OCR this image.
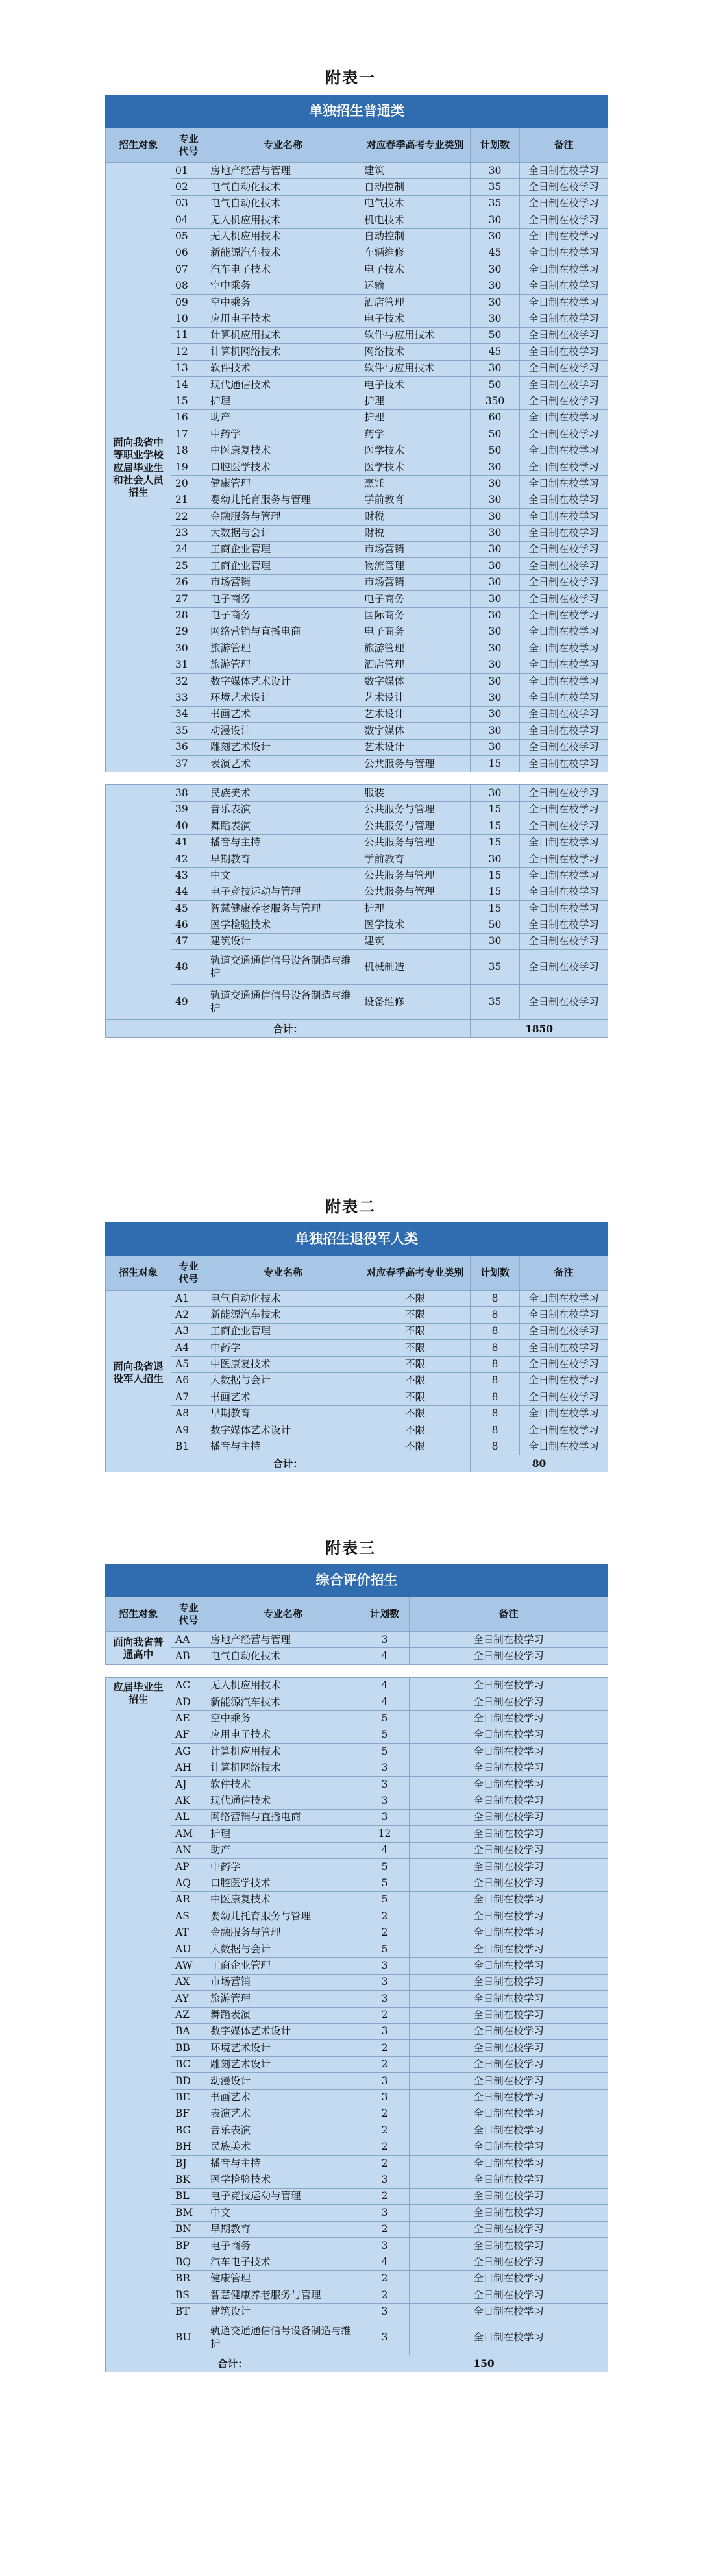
附表一
单独招生普通类					
招生对象	专业代号	专业名称	对应春季高考专业类别	计划数	备注
面向我省中等职业学校应届毕业生和社会人员招生	01	房地产经营与管理	建筑	30	全日制在校学习
	02	电气自动化技术	自动控制	35	全日制在校学习
	03	电气自动化技术	电气技术	35	全日制在校学习
	04	无人机应用技术	机电技术	30	全日制在校学习
	05	无人机应用技术	自动控制	30	全日制在校学习
	06	新能源汽车技术	车辆维修	45	全日制在校学习
	07	汽车电子技术	电子技术	30	全日制在校学习
	08	空中乘务	运输	30	全日制在校学习
	09	空中乘务	酒店管理	30	全日制在校学习
	10	应用电子技术	电子技术	30	全日制在校学习
	11	计算机应用技术	软件与应用技术	50	全日制在校学习
	12	计算机网络技术	网络技术	45	全日制在校学习
	13	软件技术	软件与应用技术	30	全日制在校学习
	14	现代通信技术	电子技术	50	全日制在校学习
	15	护理	护理	350	全日制在校学习
	16	助产	护理	60	全日制在校学习
	17	中药学	药学	50	全日制在校学习
	18	中医康复技术	医学技术	50	全日制在校学习
	19	口腔医学技术	医学技术	30	全日制在校学习
	20	健康管理	烹饪	30	全日制在校学习
	21	婴幼儿托育服务与管理	学前教育	30	全日制在校学习
	22	金融服务与管理	财税	30	全日制在校学习
	23	大数据与会计	财税	30	全日制在校学习
	24	工商企业管理	市场营销	30	全日制在校学习
	25	工商企业管理	物流管理	30	全日制在校学习
	26	市场营销	市场营销	30	全日制在校学习
	27	电子商务	电子商务	30	全日制在校学习
	28	电子商务	国际商务	30	全日制在校学习
	29	网络营销与直播电商	电子商务	30	全日制在校学习
	30	旅游管理	旅游管理	30	全日制在校学习
	31	旅游管理	酒店管理	30	全日制在校学习
	32	数字媒体艺术设计	数字媒体	30	全日制在校学习
	33	环境艺术设计	艺术设计	30	全日制在校学习
	34	书画艺术	艺术设计	30	全日制在校学习
	35	动漫设计	数字媒体	30	全日制在校学习
	36	雕刻艺术设计	艺术设计	30	全日制在校学习
	37	表演艺术	公共服务与管理	15	全日制在校学习

	38	民族美术	服装	30	全日制在校学习
	39	音乐表演	公共服务与管理	15	全日制在校学习
	40	舞蹈表演	公共服务与管理	15	全日制在校学习
	41	播音与主持	公共服务与管理	15	全日制在校学习
	42	早期教育	学前教育	30	全日制在校学习
	43	中文	公共服务与管理	15	全日制在校学习
	44	电子竞技运动与管理	公共服务与管理	15	全日制在校学习
	45	智慧健康养老服务与管理	护理	15	全日制在校学习
	46	医学检验技术	医学技术	50	全日制在校学习
	47	建筑设计	建筑	30	全日制在校学习
	48	轨道交通通信信号设备制造与维护	机械制造	35	全日制在校学习
	49	轨道交通通信信号设备制造与维护	设备维修	35	全日制在校学习
合计：				1850	
附表二
单独招生退役军人类					
招生对象	专业代号	专业名称	对应春季高考专业类别	计划数	备注
面向我省退役军人招生	A1	电气自动化技术	不限	8	全日制在校学习
	A2	新能源汽车技术	不限	8	全日制在校学习
	A3	工商企业管理	不限	8	全日制在校学习
	A4	中药学	不限	8	全日制在校学习
	A5	中医康复技术	不限	8	全日制在校学习
	A6	大数据与会计	不限	8	全日制在校学习
	A7	书画艺术	不限	8	全日制在校学习
	A8	早期教育	不限	8	全日制在校学习
	A9	数字媒体艺术设计	不限	8	全日制在校学习
	B1	播音与主持	不限	8	全日制在校学习
合计：				80	
附表三
综合评价招生				
招生对象	专业代号	专业名称	计划数	备注
面向我省普通高中	AA	房地产经营与管理	3	全日制在校学习
	AB	电气自动化技术	4	全日制在校学习

应届毕业生招生	AC	无人机应用技术	4	全日制在校学习
	AD	新能源汽车技术	4	全日制在校学习
	AE	空中乘务	5	全日制在校学习
	AF	应用电子技术	5	全日制在校学习
	AG	计算机应用技术	5	全日制在校学习
	AH	计算机网络技术	3	全日制在校学习
	AJ	软件技术	3	全日制在校学习
	AK	现代通信技术	3	全日制在校学习
	AL	网络营销与直播电商	3	全日制在校学习
	AM	护理	12	全日制在校学习
	AN	助产	4	全日制在校学习
	AP	中药学	5	全日制在校学习
	AQ	口腔医学技术	5	全日制在校学习
	AR	中医康复技术	5	全日制在校学习
	AS	婴幼儿托育服务与管理	2	全日制在校学习
	AT	金融服务与管理	2	全日制在校学习
	AU	大数据与会计	5	全日制在校学习
	AW	工商企业管理	3	全日制在校学习
	AX	市场营销	3	全日制在校学习
	AY	旅游管理	3	全日制在校学习
	AZ	舞蹈表演	2	全日制在校学习
	BA	数字媒体艺术设计	3	全日制在校学习
	BB	环境艺术设计	2	全日制在校学习
	BC	雕刻艺术设计	2	全日制在校学习
	BD	动漫设计	3	全日制在校学习
	BE	书画艺术	3	全日制在校学习
	BF	表演艺术	2	全日制在校学习
	BG	音乐表演	2	全日制在校学习
	BH	民族美术	2	全日制在校学习
	BJ	播音与主持	2	全日制在校学习
	BK	医学检验技术	3	全日制在校学习
	BL	电子竞技运动与管理	2	全日制在校学习
	BM	中文	3	全日制在校学习
	BN	早期教育	2	全日制在校学习
	BP	电子商务	3	全日制在校学习
	BQ	汽车电子技术	4	全日制在校学习
	BR	健康管理	2	全日制在校学习
	BS	智慧健康养老服务与管理	2	全日制在校学习
	BT	建筑设计	3	全日制在校学习
	BU	轨道交通通信信号设备制造与维护	3	全日制在校学习
合计：			150	
